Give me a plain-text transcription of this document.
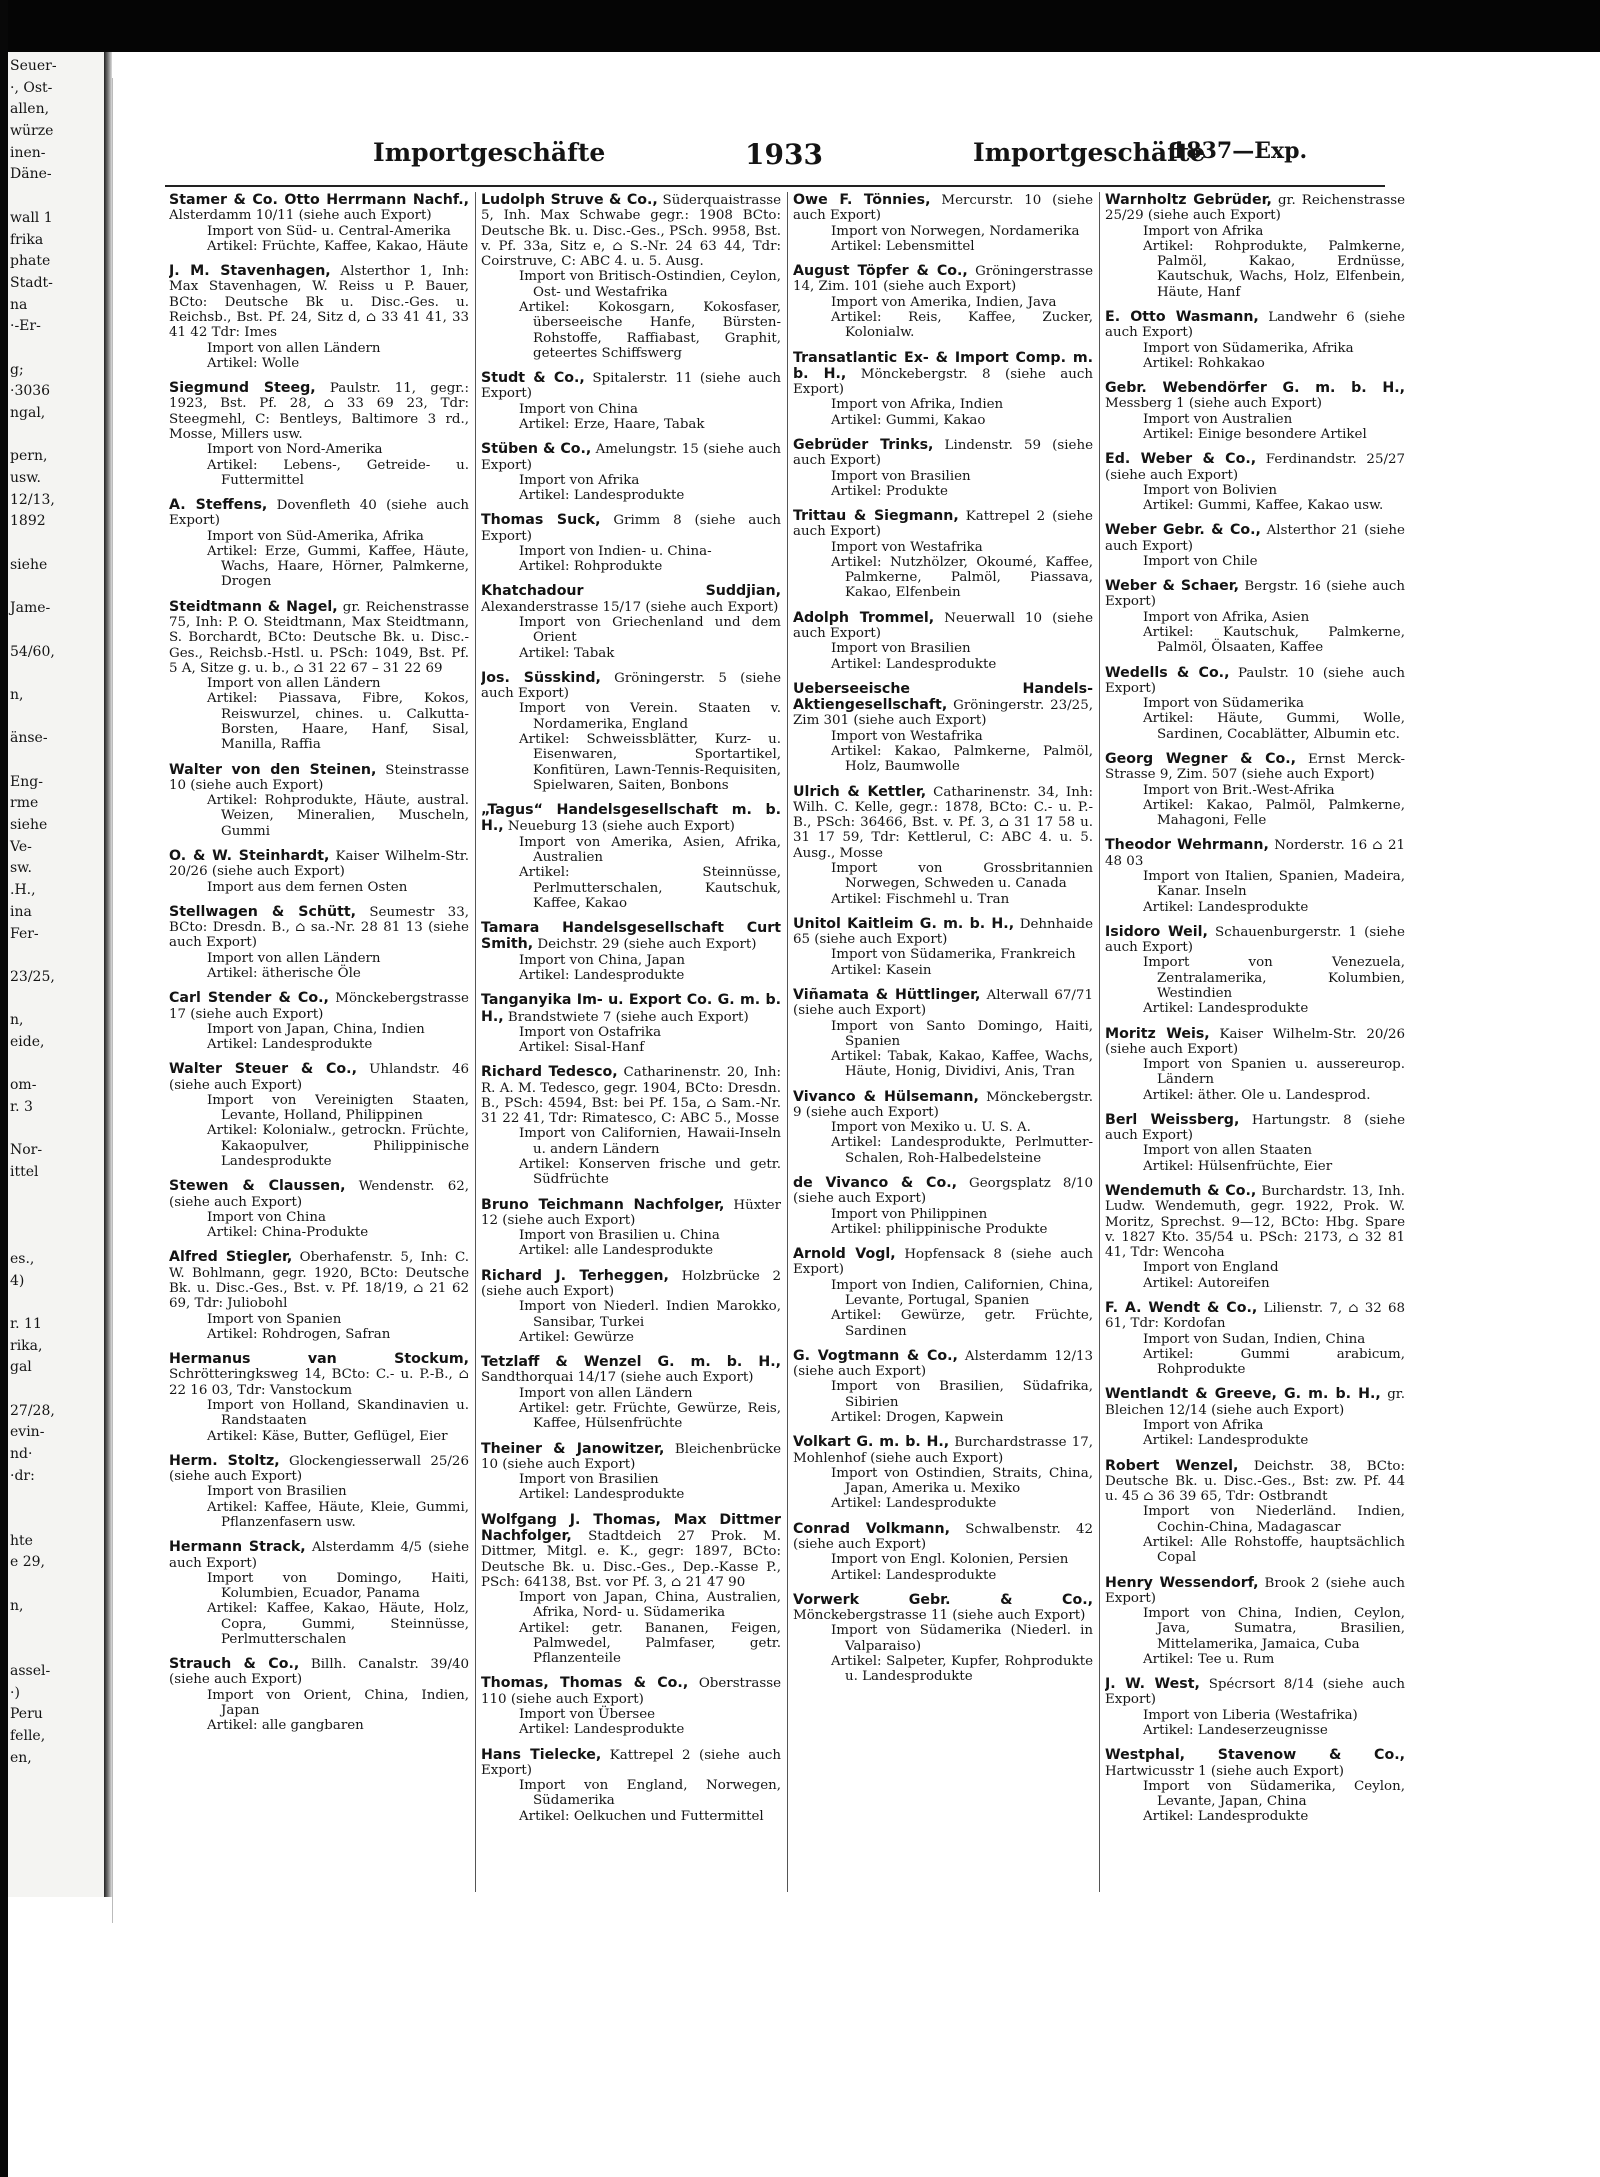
Seuer-
·, Ost-
allen,
würze
inen-
Däne-

wall 1
frika
phate
Stadt-
na
·-Er-

g;
·3036
ngal,

pern,
usw.
12/13,
1892

siehe

Jame-

54/60,

n,

änse-

Eng-
rme
siehe
Ve-
sw.
.H.,
ina
Fer-

23/25,

n,
eide,

om-
r. 3

Nor-
ittel

es.,
4)

r. 11
rika,
gal

27/28,
evin-
nd·
·dr:

hte
e 29,

n,

assel-
·)
Peru
felle,
en,
Importgeschäfte	1933	Importgeschäfte
1837—Exp.
Stamer & Co. Otto Herrmann Nachf., Alsterdamm 10/11 (siehe auch Export)
Import von Süd- u. Central-Amerika
Artikel: Früchte, Kaffee, Kakao, Häute
J. M. Stavenhagen, Alsterthor 1, Inh: Max Stavenhagen, W. Reiss u P. Bauer, BCto: Deutsche Bk u. Disc.-Ges. u. Reichsb., Bst. Pf. 24, Sitz d, ⌂ 33 41 41, 33 41 42 Tdr: Imes
Import von allen Ländern
Artikel: Wolle
Siegmund Steeg, Paulstr. 11, gegr.: 1923, Bst. Pf. 28, ⌂ 33 69 23, Tdr: Steegmehl, C: Bentleys, Baltimore 3 rd., Mosse, Millers usw.
Import von Nord-Amerika
Artikel: Lebens-, Getreide- u. Futtermittel
A. Steffens, Dovenfleth 40 (siehe auch Export)
Import von Süd-Amerika, Afrika
Artikel: Erze, Gummi, Kaffee, Häute, Wachs, Haare, Hörner, Palmkerne, Drogen
Steidtmann & Nagel, gr. Reichenstrasse 75, Inh: P. O. Steidtmann, Max Steidtmann, S. Borchardt, BCto: Deutsche Bk. u. Disc.-Ges., Reichsb.-Hstl. u. PSch: 1049, Bst. Pf. 5 A, Sitze g. u. b., ⌂ 31 22 67 – 31 22 69
Import von allen Ländern
Artikel: Piassava, Fibre, Kokos, Reiswurzel, chines. u. Calkutta-Borsten, Haare, Hanf, Sisal, Manilla, Raffia
Walter von den Steinen, Steinstrasse 10 (siehe auch Export)
Artikel: Rohprodukte, Häute, austral. Weizen, Mineralien, Muscheln, Gummi
O. & W. Steinhardt, Kaiser Wilhelm-Str. 20/26 (siehe auch Export)
Import aus dem fernen Osten
Stellwagen & Schütt, Seumestr 33, BCto: Dresdn. B., ⌂ sa.-Nr. 28 81 13 (siehe auch Export)
Import von allen Ländern
Artikel: ätherische Öle
Carl Stender & Co., Mönckebergstrasse 17 (siehe auch Export)
Import von Japan, China, Indien
Artikel: Landesprodukte
Walter Steuer & Co., Uhlandstr. 46 (siehe auch Export)
Import von Vereinigten Staaten, Levante, Holland, Philippinen
Artikel: Kolonialw., getrockn. Früchte, Kakaopulver, Philippinische Landesprodukte
Stewen & Claussen, Wendenstr. 62, (siehe auch Export)
Import von China
Artikel: China-Produkte
Alfred Stiegler, Oberhafenstr. 5, Inh: C. W. Bohlmann, gegr. 1920, BCto: Deutsche Bk. u. Disc.-Ges., Bst. v. Pf. 18/19, ⌂ 21 62 69, Tdr: Juliobohl
Import von Spanien
Artikel: Rohdrogen, Safran
Hermanus van Stockum, Schrötteringksweg 14, BCto: C.- u. P.-B., ⌂ 22 16 03, Tdr: Vanstockum
Import von Holland, Skandinavien u. Randstaaten
Artikel: Käse, Butter, Geflügel, Eier
Herm. Stoltz, Glockengiesserwall 25/26 (siehe auch Export)
Import von Brasilien
Artikel: Kaffee, Häute, Kleie, Gummi, Pflanzenfasern usw.
Hermann Strack, Alsterdamm 4/5 (siehe auch Export)
Import von Domingo, Haiti, Kolumbien, Ecuador, Panama
Artikel: Kaffee, Kakao, Häute, Holz, Copra, Gummi, Steinnüsse, Perlmutterschalen
Strauch & Co., Billh. Canalstr. 39/40 (siehe auch Export)
Import von Orient, China, Indien, Japan
Artikel: alle gangbaren
Ludolph Struve & Co., Süderquaistrasse 5, Inh. Max Schwabe gegr.: 1908 BCto: Deutsche Bk. u. Disc.-Ges., PSch. 9958, Bst. v. Pf. 33a, Sitz e, ⌂ S.-Nr. 24 63 44, Tdr: Coirstruve, C: ABC 4. u. 5. Ausg.
Import von Britisch-Ostindien, Ceylon, Ost- und Westafrika
Artikel: Kokosgarn, Kokosfaser, überseeische Hanfe, Bürsten-Rohstoffe, Raffiabast, Graphit, geteertes Schiffswerg
Studt & Co., Spitalerstr. 11 (siehe auch Export)
Import von China
Artikel: Erze, Haare, Tabak
Stüben & Co., Amelungstr. 15 (siehe auch Export)
Import von Afrika
Artikel: Landesprodukte
Thomas Suck, Grimm 8 (siehe auch Export)
Import von Indien- u. China-
Artikel: Rohprodukte
Khatchadour Suddjian, Alexanderstrasse 15/17 (siehe auch Export)
Import von Griechenland und dem Orient
Artikel: Tabak
Jos. Süsskind, Gröningerstr. 5 (siehe auch Export)
Import von Verein. Staaten v. Nordamerika, England
Artikel: Schweissblätter, Kurz- u. Eisenwaren, Sportartikel, Konfitüren, Lawn-Tennis-Requisiten, Spielwaren, Saiten, Bonbons
„Tagus“ Handelsgesellschaft m. b. H., Neueburg 13 (siehe auch Export)
Import von Amerika, Asien, Afrika, Australien
Artikel: Steinnüsse, Perlmutterschalen, Kautschuk, Kaffee, Kakao
Tamara Handelsgesellschaft Curt Smith, Deichstr. 29 (siehe auch Export)
Import von China, Japan
Artikel: Landesprodukte
Tanganyika Im- u. Export Co. G. m. b. H., Brandstwiete 7 (siehe auch Export)
Import von Ostafrika
Artikel: Sisal-Hanf
Richard Tedesco, Catharinenstr. 20, Inh: R. A. M. Tedesco, gegr. 1904, BCto: Dresdn. B., PSch: 4594, Bst: bei Pf. 15a, ⌂ Sam.-Nr. 31 22 41, Tdr: Rimatesco, C: ABC 5., Mosse
Import von Californien, Hawaii-Inseln u. andern Ländern
Artikel: Konserven frische und getr. Südfrüchte
Bruno Teichmann Nachfolger, Hüxter 12 (siehe auch Export)
Import von Brasilien u. China
Artikel: alle Landesprodukte
Richard J. Terheggen, Holzbrücke 2 (siehe auch Export)
Import von Niederl. Indien Marokko, Sansibar, Turkei
Artikel: Gewürze
Tetzlaff & Wenzel G. m. b. H., Sandthorquai 14/17 (siehe auch Export)
Import von allen Ländern
Artikel: getr. Früchte, Gewürze, Reis, Kaffee, Hülsenfrüchte
Theiner & Janowitzer, Bleichenbrücke 10 (siehe auch Export)
Import von Brasilien
Artikel: Landesprodukte
Wolfgang J. Thomas, Max Dittmer Nachfolger, Stadtdeich 27 Prok. M. Dittmer, Mitgl. e. K., gegr: 1897, BCto: Deutsche Bk. u. Disc.-Ges., Dep.-Kasse P., PSch: 64138, Bst. vor Pf. 3, ⌂ 21 47 90
Import von Japan, China, Australien, Afrika, Nord- u. Südamerika
Artikel: getr. Bananen, Feigen, Palmwedel, Palmfaser, getr. Pflanzenteile
Thomas, Thomas & Co., Oberstrasse 110 (siehe auch Export)
Import von Übersee
Artikel: Landesprodukte
Hans Tielecke, Kattrepel 2 (siehe auch Export)
Import von England, Norwegen, Südamerika
Artikel: Oelkuchen und Futtermittel
Owe F. Tönnies, Mercurstr. 10 (siehe auch Export)
Import von Norwegen, Nordamerika
Artikel: Lebensmittel
August Töpfer & Co., Gröningerstrasse 14, Zim. 101 (siehe auch Export)
Import von Amerika, Indien, Java
Artikel: Reis, Kaffee, Zucker, Kolonialw.
Transatlantic Ex- & Import Comp. m. b. H., Mönckebergstr. 8 (siehe auch Export)
Import von Afrika, Indien
Artikel: Gummi, Kakao
Gebrüder Trinks, Lindenstr. 59 (siehe auch Export)
Import von Brasilien
Artikel: Produkte
Trittau & Siegmann, Kattrepel 2 (siehe auch Export)
Import von Westafrika
Artikel: Nutzhölzer, Okoumé, Kaffee, Palmkerne, Palmöl, Piassava, Kakao, Elfenbein
Adolph Trommel, Neuerwall 10 (siehe auch Export)
Import von Brasilien
Artikel: Landesprodukte
Ueberseeische Handels-Aktiengesellschaft, Gröningerstr. 23/25, Zim 301 (siehe auch Export)
Import von Westafrika
Artikel: Kakao, Palmkerne, Palmöl, Holz, Baumwolle
Ulrich & Kettler, Catharinenstr. 34, Inh: Wilh. C. Kelle, gegr.: 1878, BCto: C.- u. P.-B., PSch: 36466, Bst. v. Pf. 3, ⌂ 31 17 58 u. 31 17 59, Tdr: Kettlerul, C: ABC 4. u. 5. Ausg., Mosse
Import von Grossbritannien Norwegen, Schweden u. Canada
Artikel: Fischmehl u. Tran
Unitol Kaitleim G. m. b. H., Dehnhaide 65 (siehe auch Export)
Import von Südamerika, Frankreich
Artikel: Kasein
Viñamata & Hüttlinger, Alterwall 67/71 (siehe auch Export)
Import von Santo Domingo, Haiti, Spanien
Artikel: Tabak, Kakao, Kaffee, Wachs, Häute, Honig, Dividivi, Anis, Tran
Vivanco & Hülsemann, Mönckebergstr. 9 (siehe auch Export)
Import von Mexiko u. U. S. A.
Artikel: Landesprodukte, Perlmutter-Schalen, Roh-Halbedelsteine
de Vivanco & Co., Georgsplatz 8/10 (siehe auch Export)
Import von Philippinen
Artikel: philippinische Produkte
Arnold Vogl, Hopfensack 8 (siehe auch Export)
Import von Indien, Californien, China, Levante, Portugal, Spanien
Artikel: Gewürze, getr. Früchte, Sardinen
G. Vogtmann & Co., Alsterdamm 12/13 (siehe auch Export)
Import von Brasilien, Südafrika, Sibirien
Artikel: Drogen, Kapwein
Volkart G. m. b. H., Burchardstrasse 17, Mohlenhof (siehe auch Export)
Import von Ostindien, Straits, China, Japan, Amerika u. Mexiko
Artikel: Landesprodukte
Conrad Volkmann, Schwalbenstr. 42 (siehe auch Export)
Import von Engl. Kolonien, Persien
Artikel: Landesprodukte
Vorwerk Gebr. & Co., Mönckebergstrasse 11 (siehe auch Export)
Import von Südamerika (Niederl. in Valparaiso)
Artikel: Salpeter, Kupfer, Rohprodukte u. Landesprodukte
Warnholtz Gebrüder, gr. Reichenstrasse 25/29 (siehe auch Export)
Import von Afrika
Artikel: Rohprodukte, Palmkerne, Palmöl, Kakao, Erdnüsse, Kautschuk, Wachs, Holz, Elfenbein, Häute, Hanf
E. Otto Wasmann, Landwehr 6 (siehe auch Export)
Import von Südamerika, Afrika
Artikel: Rohkakao
Gebr. Webendörfer G. m. b. H., Messberg 1 (siehe auch Export)
Import von Australien
Artikel: Einige besondere Artikel
Ed. Weber & Co., Ferdinandstr. 25/27 (siehe auch Export)
Import von Bolivien
Artikel: Gummi, Kaffee, Kakao usw.
Weber Gebr. & Co., Alsterthor 21 (siehe auch Export)
Import von Chile
Weber & Schaer, Bergstr. 16 (siehe auch Export)
Import von Afrika, Asien
Artikel: Kautschuk, Palmkerne, Palmöl, Ölsaaten, Kaffee
Wedells & Co., Paulstr. 10 (siehe auch Export)
Import von Südamerika
Artikel: Häute, Gummi, Wolle, Sardinen, Cocablätter, Albumin etc.
Georg Wegner & Co., Ernst Merck-Strasse 9, Zim. 507 (siehe auch Export)
Import von Brit.-West-Afrika
Artikel: Kakao, Palmöl, Palmkerne, Mahagoni, Felle
Theodor Wehrmann, Norderstr. 16 ⌂ 21 48 03
Import von Italien, Spanien, Madeira, Kanar. Inseln
Artikel: Landesprodukte
Isidoro Weil, Schauenburgerstr. 1 (siehe auch Export)
Import von Venezuela, Zentralamerika, Kolumbien, Westindien
Artikel: Landesprodukte
Moritz Weis, Kaiser Wilhelm-Str. 20/26 (siehe auch Export)
Import von Spanien u. aussereurop. Ländern
Artikel: äther. Ole u. Landesprod.
Berl Weissberg, Hartungstr. 8 (siehe auch Export)
Import von allen Staaten
Artikel: Hülsenfrüchte, Eier
Wendemuth & Co., Burchardstr. 13, Inh. Ludw. Wendemuth, gegr. 1922, Prok. W. Moritz, Sprechst. 9—12, BCto: Hbg. Spare v. 1827 Kto. 35/54 u. PSch: 2173, ⌂ 32 81 41, Tdr: Wencoha
Import von England
Artikel: Autoreifen
F. A. Wendt & Co., Lilienstr. 7, ⌂ 32 68 61, Tdr: Kordofan
Import von Sudan, Indien, China
Artikel: Gummi arabicum, Rohprodukte
Wentlandt & Greeve, G. m. b. H., gr. Bleichen 12/14 (siehe auch Export)
Import von Afrika
Artikel: Landesprodukte
Robert Wenzel, Deichstr. 38, BCto: Deutsche Bk. u. Disc.-Ges., Bst: zw. Pf. 44 u. 45 ⌂ 36 39 65, Tdr: Ostbrandt
Import von Niederländ. Indien, Cochin-China, Madagascar
Artikel: Alle Rohstoffe, hauptsächlich Copal
Henry Wessendorf, Brook 2 (siehe auch Export)
Import von China, Indien, Ceylon, Java, Sumatra, Brasilien, Mittelamerika, Jamaica, Cuba
Artikel: Tee u. Rum
J. W. West, Spécrsort 8/14 (siehe auch Export)
Import von Liberia (Westafrika)
Artikel: Landeserzeugnisse
Westphal, Stavenow & Co., Hartwicusstr 1 (siehe auch Export)
Import von Südamerika, Ceylon, Levante, Japan, China
Artikel: Landesprodukte
